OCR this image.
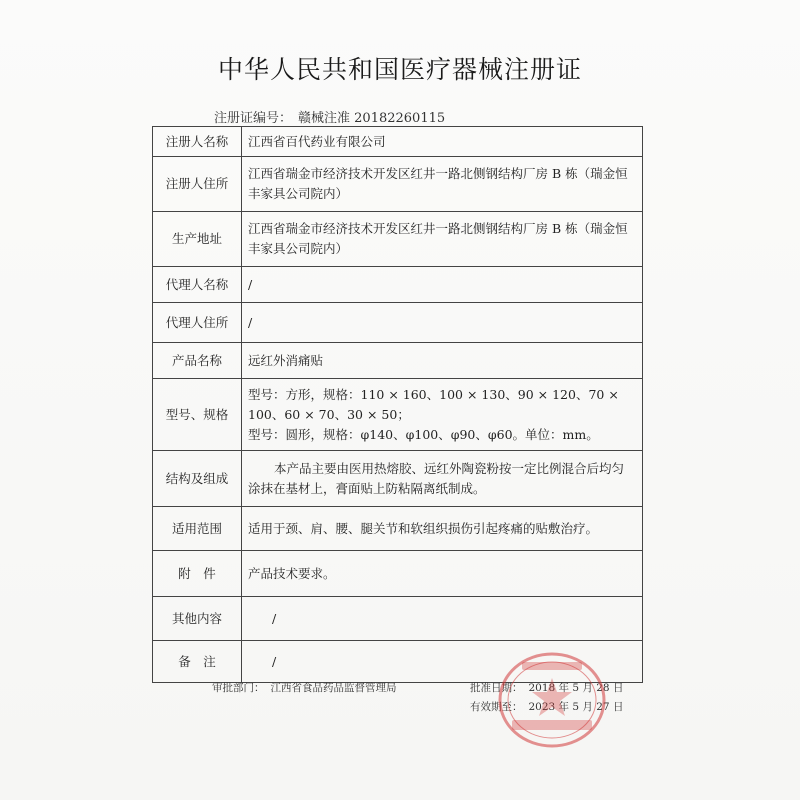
中华人民共和国医疗器械注册证
注册证编号： 赣械注准 20182260115
注册人名称	江西省百代药业有限公司
注册人住所	江西省瑞金市经济技术开发区红井一路北侧钢结构厂房 B 栋（瑞金恒丰家具公司院内）
生产地址	江西省瑞金市经济技术开发区红井一路北侧钢结构厂房 B 栋（瑞金恒丰家具公司院内）
代理人名称	/
代理人住所	/
产品名称	远红外消痛贴
型号、规格	型号：方形，规格：110 × 160、100 × 130、90 × 120、70 × 100、60 × 70、30 × 50；
型号：圆形，规格：φ140、φ100、φ90、φ60。单位：mm。

结构及组成	本产品主要由医用热熔胶、远红外陶瓷粉按一定比例混合后均匀涂抹在基材上，膏面贴上防粘隔离纸制成。
适用范围	适用于颈、肩、腰、腿关节和软组织损伤引起疼痛的贴敷治疗。
附　件	产品技术要求。
其他内容	/
备　注	/
审批部门： 江西省食品药品监督管理局	批准日期： 2018 年 5 月 28 日
有效期至： 2023 年 5 月 27 日
